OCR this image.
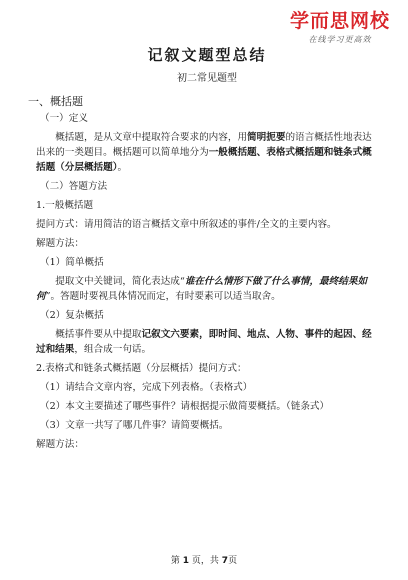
学而思网校
在线学习更高效
记叙文题型总结
初二常见题型
一、概括题
（一）定义

概括题，是从文章中提取符合要求的内容，用简明扼要的语言概括性地表达出来的一类题目。概括题可以简单地分为一般概括题、表格式概括题和链条式概括题（分层概括题）。

（二）答题方法
1.一般概括题
提问方式：请用简洁的语言概括文章中所叙述的事件/全文的主要内容。
解题方法：
（1）简单概括

提取文中关键词，简化表达成“谁在什么情形下做了什么事情，最终结果如何”。答题时要视具体情况而定，有时要素可以适当取舍。

（2）复杂概括

概括事件要从中提取记叙文六要素，即时间、地点、人物、事件的起因、经过和结果，组合成一句话。

2.表格式和链条式概括题（分层概括）提问方式：
（1）请结合文章内容，完成下列表格。（表格式）
（2）本文主要描述了哪些事件？请根据提示做简要概括。（链条式）
（3）文章一共写了哪几件事？请简要概括。
解题方法：
第 1 页，共 7页
